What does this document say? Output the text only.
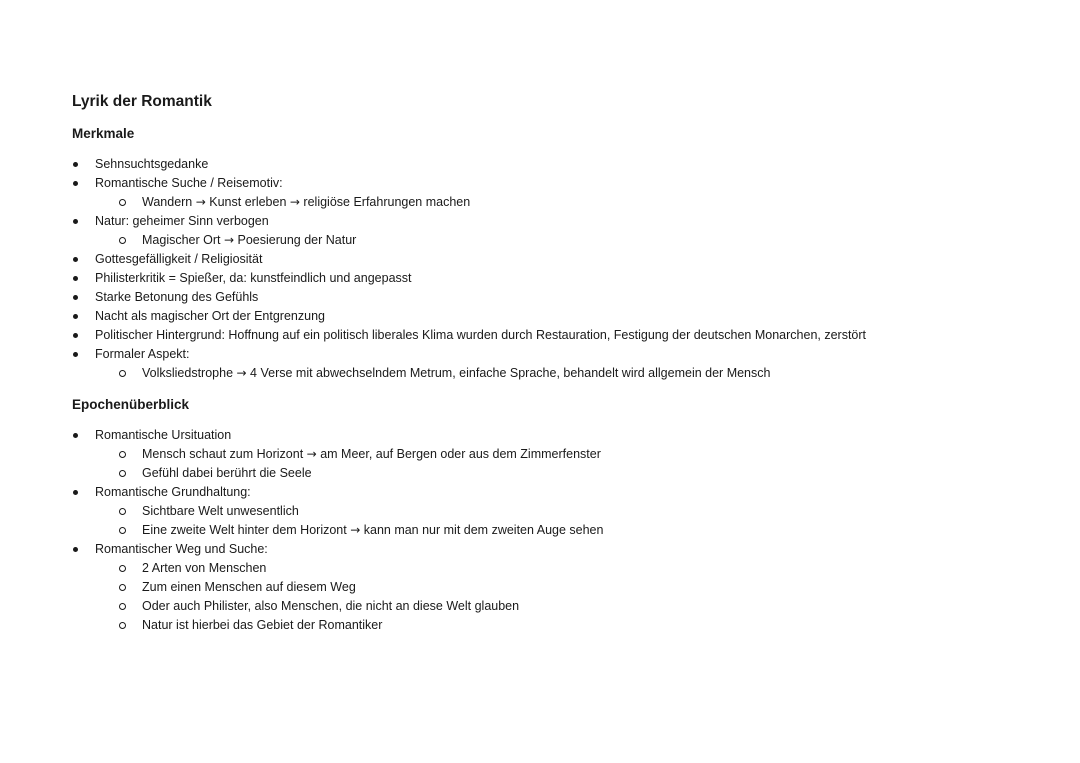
Lyrik der Romantik
Merkmale
Sehnsuchtsgedanke
Romantische Suche / Reisemotiv:
Wandern → Kunst erleben → religiöse Erfahrungen machen
Natur: geheimer Sinn verbogen
Magischer Ort → Poesierung der Natur
Gottesgefälligkeit / Religiosität
Philisterkritik = Spießer, da: kunstfeindlich und angepasst
Starke Betonung des Gefühls
Nacht als magischer Ort der Entgrenzung
Politischer Hintergrund: Hoffnung auf ein politisch liberales Klima wurden durch Restauration, Festigung der deutschen Monarchen, zerstört
Formaler Aspekt:
Volksliedstrophe → 4 Verse mit abwechselndem Metrum, einfache Sprache, behandelt wird allgemein der Mensch
Epochenüberblick
Romantische Ursituation
Mensch schaut zum Horizont → am Meer, auf Bergen oder aus dem Zimmerfenster
Gefühl dabei berührt die Seele
Romantische Grundhaltung:
Sichtbare Welt unwesentlich
Eine zweite Welt hinter dem Horizont → kann man nur mit dem zweiten Auge sehen
Romantischer Weg und Suche:
2 Arten von Menschen
Zum einen Menschen auf diesem Weg
Oder auch Philister, also Menschen, die nicht an diese Welt glauben
Natur ist hierbei das Gebiet der Romantiker
